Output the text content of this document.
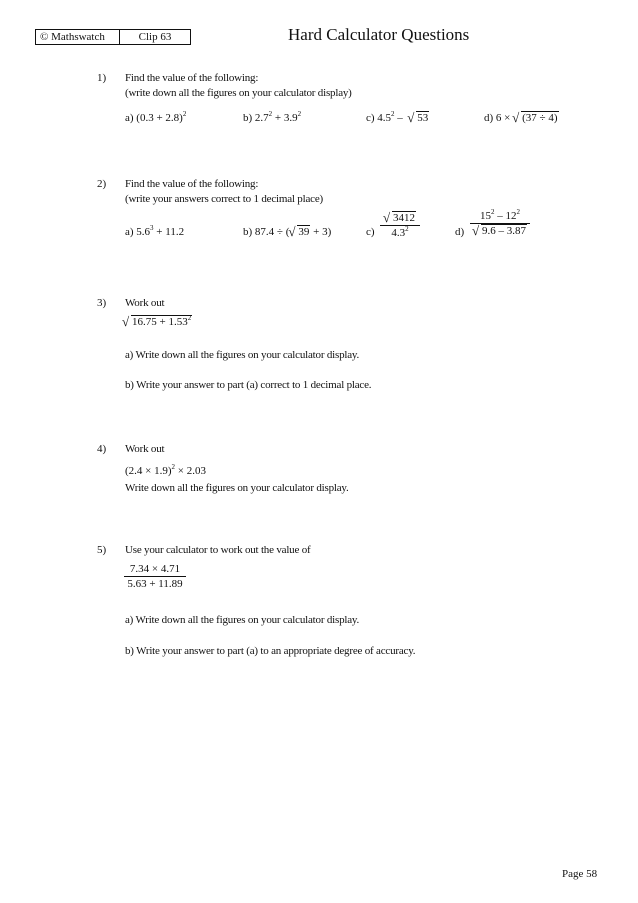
© Mathswatch	Clip 63	Hard Calculator Questions
1) Find the value of the following:
(write down all the figures on your calculator display)
a) $(0.3 + 2.8)^2$	b) $2.7^2 + 3.9^2$	c) $4.5^2$ –  √ 53	d) 6 × √ (37 ÷ 4)
2) Find the value of the following:
(write your answers correct to 1 decimal place)
a) $5.6^3 + 11.2$	b) 87.4 ÷ ( √ 39 + 3)	c)
√ 3412
$4.3^2$	d)
$15^2 - 12^2$
√ 9.6 – 3.87
3) Work out
√ $16.75 + 1.53^2$
a) Write down all the figures on your calculator display.
b) Write your answer to part (a) correct to 1 decimal place.
4) Work out
$(2.4 \times 1.9)^2 \times 2.03$
Write down all the figures on your calculator display.
5) Use your calculator to work out the value of
7.34 × 4.71
5.63 + 11.89
a) Write down all the figures on your calculator display.
b) Write your answer to part (a) to an appropriate degree of accuracy.
Page 58
